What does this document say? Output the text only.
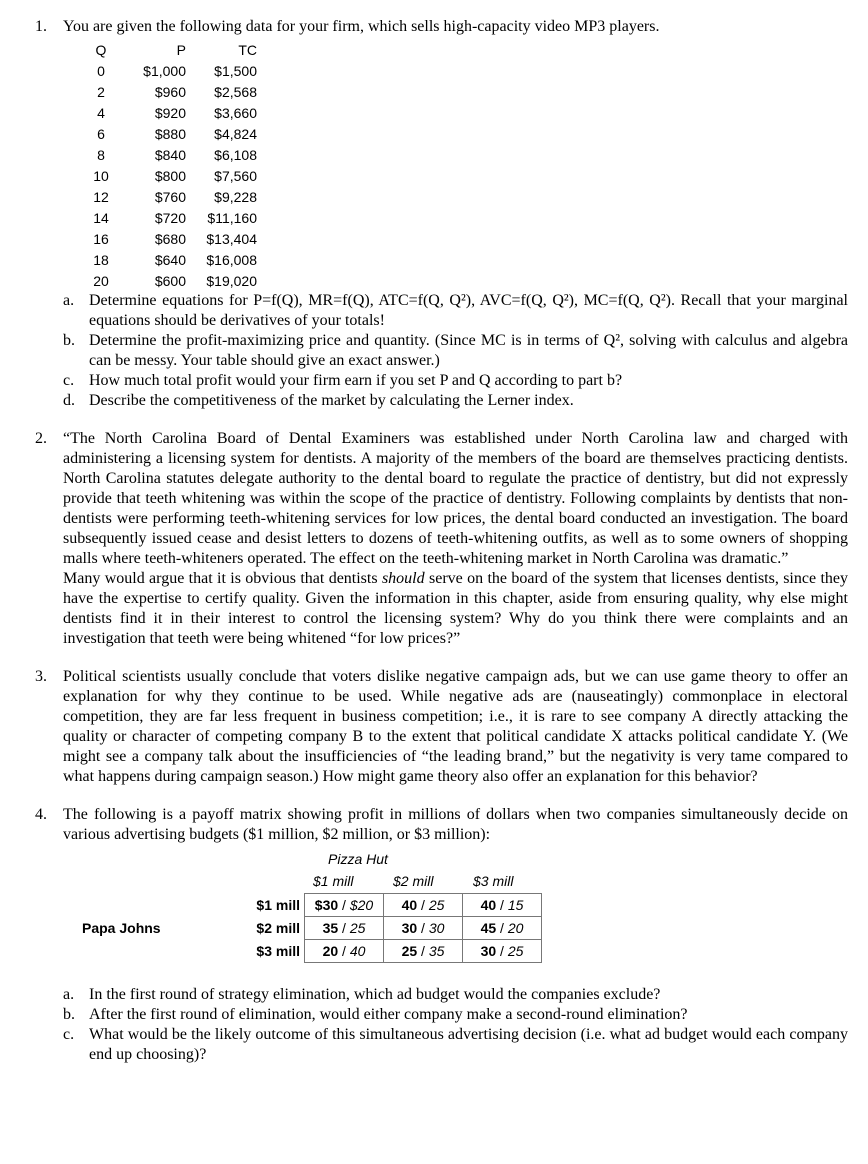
1. You are given the following data for your firm, which sells high-capacity video MP3 players.
Q	P	TC
0	$1,000	$1,500
2	$960	$2,568
4	$920	$3,660
6	$880	$4,824
8	$840	$6,108
10	$800	$7,560
12	$760	$9,228
14	$720	$11,160
16	$680	$13,404
18	$640	$16,008
20	$600	$19,020
a. Determine equations for P=f(Q), MR=f(Q), ATC=f(Q, Q²), AVC=f(Q, Q²), MC=f(Q, Q²). Recall that your marginal equations should be derivatives of your totals!
b. Determine the profit-maximizing price and quantity. (Since MC is in terms of Q², solving with calculus and algebra can be messy. Your table should give an exact answer.)
c. How much total profit would your firm earn if you set P and Q according to part b?
d. Describe the competitiveness of the market by calculating the Lerner index.
2. “The North Carolina Board of Dental Examiners was established under North Carolina law and charged with administering a licensing system for dentists. A majority of the members of the board are themselves practicing dentists. North Carolina statutes delegate authority to the dental board to regulate the practice of dentistry, but did not expressly provide that teeth whitening was within the scope of the practice of dentistry. Following complaints by dentists that non-dentists were performing teeth-whitening services for low prices, the dental board conducted an investigation. The board subsequently issued cease and desist letters to dozens of teeth-whitening outfits, as well as to some owners of shopping malls where teeth-whiteners operated. The effect on the teeth-whitening market in North Carolina was dramatic.”
Many would argue that it is obvious that dentists should serve on the board of the system that licenses dentists, since they have the expertise to certify quality. Given the information in this chapter, aside from ensuring quality, why else might dentists find it in their interest to control the licensing system? Why do you think there were complaints and an investigation that teeth were being whitened “for low prices?”
3. Political scientists usually conclude that voters dislike negative campaign ads, but we can use game theory to offer an explanation for why they continue to be used. While negative ads are (nauseatingly) commonplace in electoral competition, they are far less frequent in business competition; i.e., it is rare to see company A directly attacking the quality or character of competing company B to the extent that political candidate X attacks political candidate Y. (We might see a company talk about the insufficiencies of “the leading brand,” but the negativity is very tame compared to what happens during campaign season.) How might game theory also offer an explanation for this behavior?
4. The following is a payoff matrix showing profit in millions of dollars when two companies simultaneously decide on various advertising budgets ($1 million, $2 million, or $3 million):
Pizza Hut
$1 mill	$2 mill	$3 mill
Papa Johns
$1 mill	$30 / $20	40 / 25	40 / 15
$2 mill	35 / 25	30 / 30	45 / 20
$3 mill	20 / 40	25 / 35	30 / 25
a. In the first round of strategy elimination, which ad budget would the companies exclude?
b. After the first round of elimination, would either company make a second-round elimination?
c. What would be the likely outcome of this simultaneous advertising decision (i.e. what ad budget would each company end up choosing)?
